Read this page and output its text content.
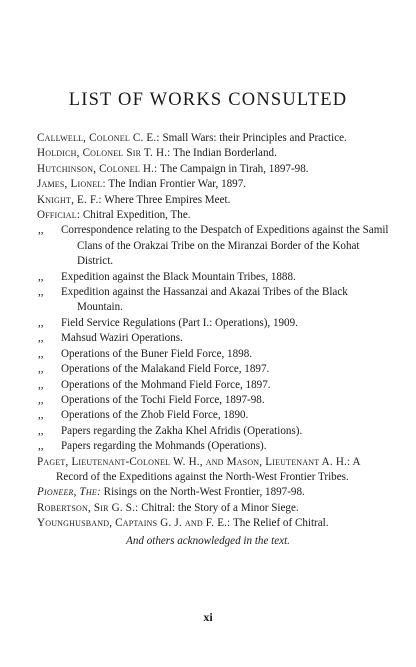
LIST OF WORKS CONSULTED

Callwell, Colonel C. E.: Small Wars: their Principles and Practice.

Holdich, Colonel Sir T. H.: The Indian Borderland.

Hutchinson, Colonel H.: The Campaign in Tirah, 1897-98.

James, Lionel: The Indian Frontier War, 1897.

Knight, E. F.: Where Three Empires Meet.

Official: Chitral Expedition, The.

,,	Correspondence relating to the Despatch of Expeditions against the Samil Clans of the Orakzai Tribe on the Miranzai Border of the Kohat District.
,,	Expedition against the Black Mountain Tribes, 1888.
,,	Expedition against the Hassanzai and Akazai Tribes of the Black Mountain.
,,	Field Service Regulations (Part I.: Operations), 1909.
,,	Mahsud Waziri Operations.
,,	Operations of the Buner Field Force, 1898.
,,	Operations of the Malakand Field Force, 1897.
,,	Operations of the Mohmand Field Force, 1897.
,,	Operations of the Tochi Field Force, 1897-98.
,,	Operations of the Zhob Field Force, 1890.
,,	Papers regarding the Zakha Khel Afridis (Operations).
,,	Papers regarding the Mohmands (Operations).

Paget, Lieutenant-Colonel W. H., and Mason, Lieutenant A. H.: A Record of the Expeditions against the North-West Frontier Tribes.

Pioneer, The: Risings on the North-West Frontier, 1897-98.

Robertson, Sir G. S.: Chitral: the Story of a Minor Siege.

Younghusband, Captains G. J. and F. E.: The Relief of Chitral.

And others acknowledged in the text.
xi
